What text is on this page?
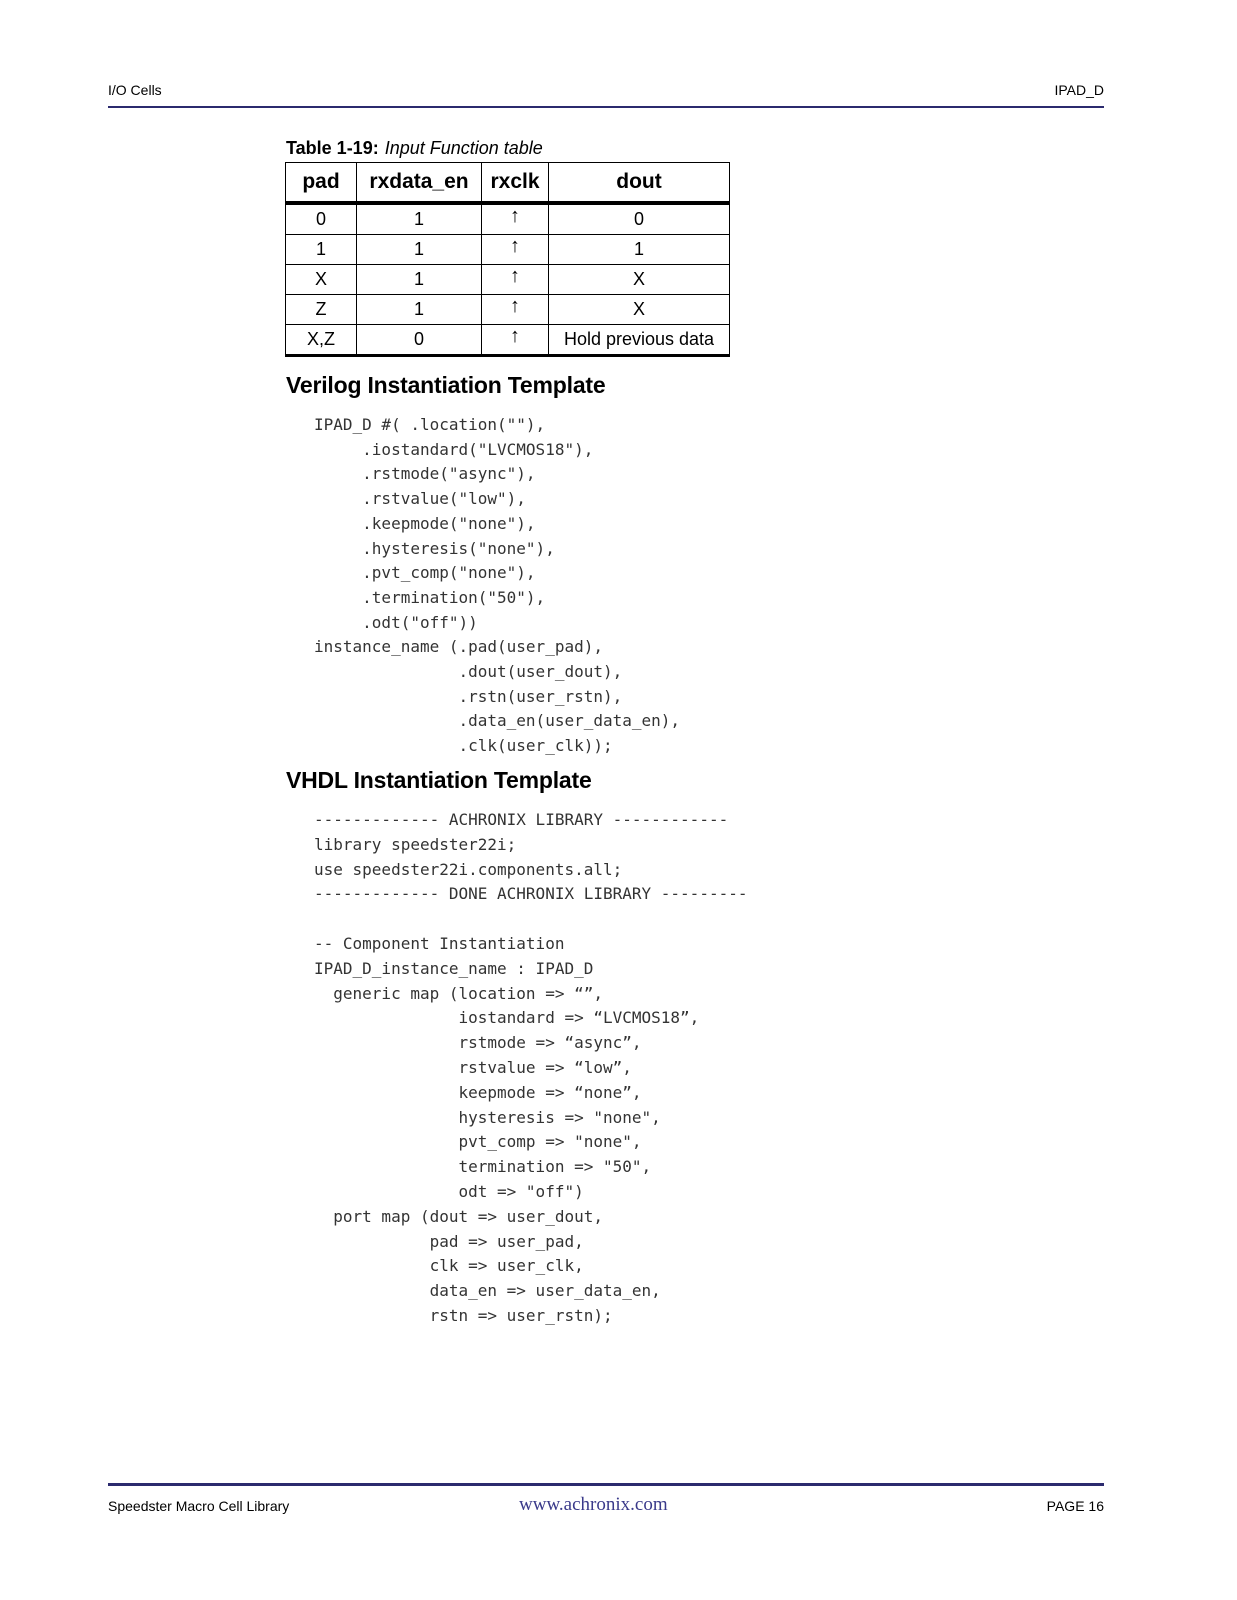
I/O Cells	IPAD_D
Table 1-19: Input Function table
pad	rxdata_en	rxclk	dout
0	1	↑	0
1	1	↑	1
X	1	↑	X
Z	1	↑	X
X,Z	0	↑	Hold previous data
Verilog Instantiation Template
IPAD_D #( .location(""),
.iostandard("LVCMOS18"),
.rstmode("async"),
.rstvalue("low"),
.keepmode("none"),
.hysteresis("none"),
.pvt_comp("none"),
.termination("50"),
.odt("off"))
instance_name (.pad(user_pad),
.dout(user_dout),
.rstn(user_rstn),
.data_en(user_data_en),
.clk(user_clk));
VHDL Instantiation Template
------------- ACHRONIX LIBRARY ------------
library speedster22i;
use speedster22i.components.all;
------------- DONE ACHRONIX LIBRARY ---------

-- Component Instantiation
IPAD_D_instance_name : IPAD_D
generic map (location => “”,
iostandard => “LVCMOS18”,
rstmode => “async”,
rstvalue => “low”,
keepmode => “none”,
hysteresis => "none",
pvt_comp => "none",
termination => "50",
odt => "off")
port map (dout => user_dout,
pad => user_pad,
clk => user_clk,
data_en => user_data_en,
rstn => user_rstn);
Speedster Macro Cell Library	www.achronix.com	PAGE 16
